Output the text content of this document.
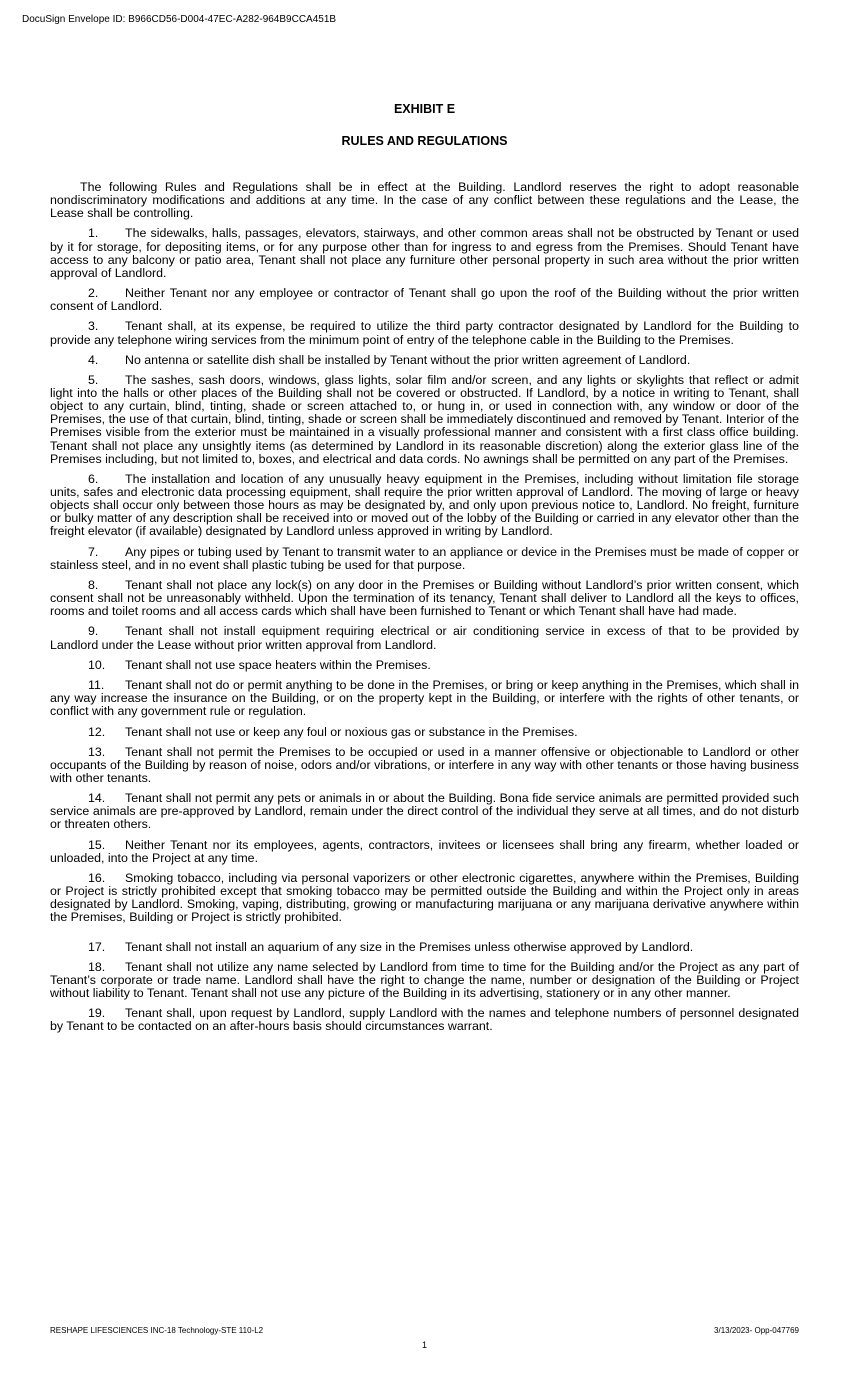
DocuSign Envelope ID: B966CD56-D004-47EC-A282-964B9CCA451B
EXHIBIT E
RULES AND REGULATIONS

The following Rules and Regulations shall be in effect at the Building. Landlord reserves the right to adopt reasonable nondiscriminatory modifications and additions at any time. In the case of any conflict between these regulations and the Lease, the Lease shall be controlling.

1. The sidewalks, halls, passages, elevators, stairways, and other common areas shall not be obstructed by Tenant or used by it for storage, for depositing items, or for any purpose other than for ingress to and egress from the Premises. Should Tenant have access to any balcony or patio area, Tenant shall not place any furniture other personal property in such area without the prior written approval of Landlord.

2. Neither Tenant nor any employee or contractor of Tenant shall go upon the roof of the Building without the prior written consent of Landlord.

3. Tenant shall, at its expense, be required to utilize the third party contractor designated by Landlord for the Building to provide any telephone wiring services from the minimum point of entry of the telephone cable in the Building to the Premises.

4. No antenna or satellite dish shall be installed by Tenant without the prior written agreement of Landlord.

5. The sashes, sash doors, windows, glass lights, solar film and/or screen, and any lights or skylights that reflect or admit light into the halls or other places of the Building shall not be covered or obstructed. If Landlord, by a notice in writing to Tenant, shall object to any curtain, blind, tinting, shade or screen attached to, or hung in, or used in connection with, any window or door of the Premises, the use of that curtain, blind, tinting, shade or screen shall be immediately discontinued and removed by Tenant. Interior of the Premises visible from the exterior must be maintained in a visually professional manner and consistent with a first class office building. Tenant shall not place any unsightly items (as determined by Landlord in its reasonable discretion) along the exterior glass line of the Premises including, but not limited to, boxes, and electrical and data cords. No awnings shall be permitted on any part of the Premises.

6. The installation and location of any unusually heavy equipment in the Premises, including without limitation file storage units, safes and electronic data processing equipment, shall require the prior written approval of Landlord. The moving of large or heavy objects shall occur only between those hours as may be designated by, and only upon previous notice to, Landlord. No freight, furniture or bulky matter of any description shall be received into or moved out of the lobby of the Building or carried in any elevator other than the freight elevator (if available) designated by Landlord unless approved in writing by Landlord.

7. Any pipes or tubing used by Tenant to transmit water to an appliance or device in the Premises must be made of copper or stainless steel, and in no event shall plastic tubing be used for that purpose.

8. Tenant shall not place any lock(s) on any door in the Premises or Building without Landlord’s prior written consent, which consent shall not be unreasonably withheld. Upon the termination of its tenancy, Tenant shall deliver to Landlord all the keys to offices, rooms and toilet rooms and all access cards which shall have been furnished to Tenant or which Tenant shall have had made.

9. Tenant shall not install equipment requiring electrical or air conditioning service in excess of that to be provided by Landlord under the Lease without prior written approval from Landlord.

10. Tenant shall not use space heaters within the Premises.

11. Tenant shall not do or permit anything to be done in the Premises, or bring or keep anything in the Premises, which shall in any way increase the insurance on the Building, or on the property kept in the Building, or interfere with the rights of other tenants, or conflict with any government rule or regulation.

12. Tenant shall not use or keep any foul or noxious gas or substance in the Premises.

13. Tenant shall not permit the Premises to be occupied or used in a manner offensive or objectionable to Landlord or other occupants of the Building by reason of noise, odors and/or vibrations, or interfere in any way with other tenants or those having business with other tenants.

14. Tenant shall not permit any pets or animals in or about the Building. Bona fide service animals are permitted provided such service animals are pre-approved by Landlord, remain under the direct control of the individual they serve at all times, and do not disturb or threaten others.

15. Neither Tenant nor its employees, agents, contractors, invitees or licensees shall bring any firearm, whether loaded or unloaded, into the Project at any time.

16. Smoking tobacco, including via personal vaporizers or other electronic cigarettes, anywhere within the Premises, Building or Project is strictly prohibited except that smoking tobacco may be permitted outside the Building and within the Project only in areas designated by Landlord. Smoking, vaping, distributing, growing or manufacturing marijuana or any marijuana derivative anywhere within the Premises, Building or Project is strictly prohibited.

17. Tenant shall not install an aquarium of any size in the Premises unless otherwise approved by Landlord.

18. Tenant shall not utilize any name selected by Landlord from time to time for the Building and/or the Project as any part of Tenant’s corporate or trade name. Landlord shall have the right to change the name, number or designation of the Building or Project without liability to Tenant. Tenant shall not use any picture of the Building in its advertising, stationery or in any other manner.

19. Tenant shall, upon request by Landlord, supply Landlord with the names and telephone numbers of personnel designated by Tenant to be contacted on an after-hours basis should circumstances warrant.

RESHAPE LIFESCIENCES INC-18 Technology-STE 110-L2	3/13/2023- Opp-047769
1
